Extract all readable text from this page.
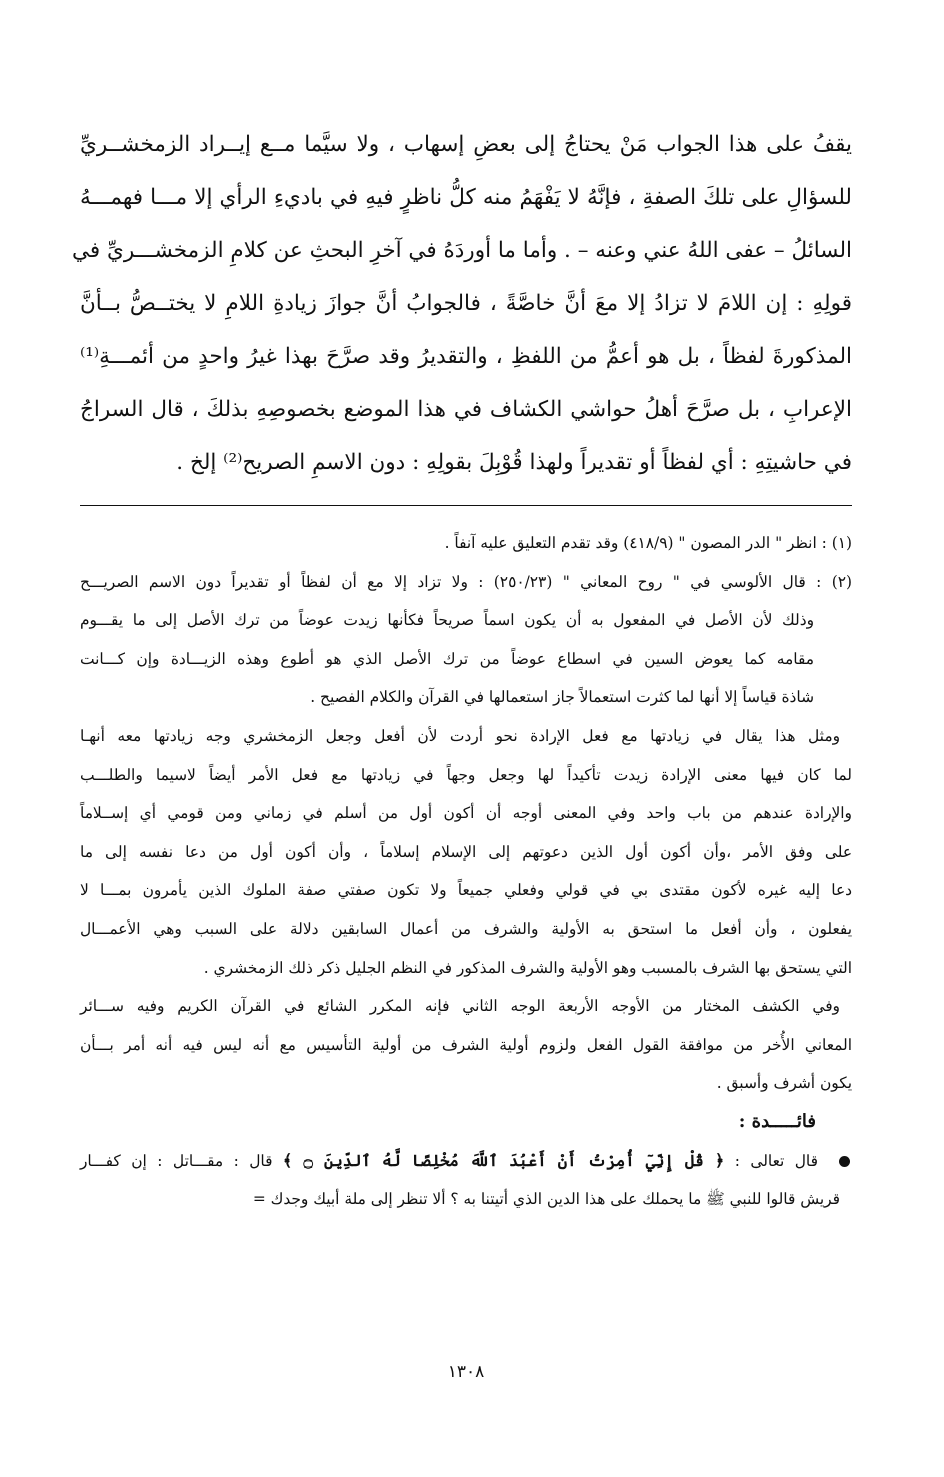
يقفُ على هذا الجواب مَنْ يحتاجُ إلى بعضِ إسهاب ، ولا سيَّما مــع إيــراد الزمخشــريِّ
للسؤالِ على تلكَ الصفةِ ، فإنَّهُ لا يَفْهَمُ منه كلُّ ناظرٍ فيهِ في باديءِ الرأي إلا مـــا فهمـــهُ
السائلُ – عفى اللهُ عني وعنه – . وأما ما أوردَهُ في آخرِ البحثِ عن كلامِ الزمخشـــريِّ في
قولِهِ : إن اللامَ لا تزادُ إلا معَ أنَّ خاصَّةً ، فالجوابُ أنَّ جوازَ زيادةِ اللامِ لا يختــصُّ بــأنَّ
المذكورةَ لفظاً ، بل هو أعمُّ من اللفظِ ، والتقديرُ وقد صرَّحَ بهذا غيرُ واحدٍ من أئمـــةِ⁽¹⁾
الإعرابِ ، بل صرَّحَ أهلُ حواشي الكشاف في هذا الموضع بخصوصِهِ بذلكَ ، قال السراجُ
في حاشيتِهِ : أي لفظاً أو تقديراً ولهذا قُوْبِلَ بقولِهِ : دون الاسمِ الصريح⁽²⁾ إلخ .
(١) : انظر " الدر المصون " (٤١٨/٩) وقد تقدم التعليق عليه آنفاً .
(٢) : قال الألوسي في " روح المعاني " (٢٥٠/٢٣) : ولا تزاد إلا مع أن لفظاً أو تقديراً دون الاسم الصريـــح
وذلك لأن الأصل في المفعول به أن يكون اسماً صريحاً فكأنها زيدت عوضاً من ترك الأصل إلى ما يقـــوم
مقامه كما يعوض السين في اسطاع عوضاً من ترك الأصل الذي هو أطوع وهذه الزيـــادة وإن كـــانت
شاذة قياساً إلا أنها لما كثرت استعمالاً جاز استعمالها في القرآن والكلام الفصيح .
ومثل هذا يقال في زيادتها مع فعل الإرادة نحو أردت لأن أفعل وجعل الزمخشري وجه زيادتها معه أنهـا
لما كان فيها معنى الإرادة زيدت تأكيداً لها وجعل وجهاً في زيادتها مع فعل الأمر أيضاً لاسيما والطلـــب
والإرادة عندهم من باب واحد وفي المعنى أوجه أن أكون أول من أسلم في زماني ومن قومي أي إســلاماً
على وفق الأمر ،وأن أكون أول الذين دعوتهم إلى الإسلام إسلاماً ، وأن أكون أول من دعا نفسه إلى ما
دعا إليه غيره لأكون مقتدى بي في قولي وفعلي جميعاً ولا تكون صفتي صفة الملوك الذين يأمرون بمـــا لا
يفعلون ، وأن أفعل ما استحق به الأولية والشرف من أعمال السابقين دلالة على السبب وهي الأعمـــال
التي يستحق بها الشرف بالمسبب وهو الأولية والشرف المذكور في النظم الجليل ذكر ذلك الزمخشري .
وفي الكشف المختار من الأوجه الأربعة الوجه الثاني فإنه المكرر الشائع في القرآن الكريم وفيه ســـائر
المعاني الأُخر من موافقة القول الفعل ولزوم أولية الشرف من أولية التأسيس مع أنه ليس فيه أنه أمر بـــأن
يكون أشرف وأسبق .
فائـــــدة :
قال تعالى : ﴿ قُلْ إِنِّيٓ أُمِرْتُ أَنْ أَعْبُدَ ٱللَّهَ مُخْلِصًا لَّهُ ٱلدِّينَ ۝ ﴾ قال : مقـــاتل : إن كفـــار
قريش قالوا للنبي ﷺ ما يحملك على هذا الدين الذي أتيتنا به ؟ ألا تنظر إلى ملة أبيك وجدك =
١٣٠٨
